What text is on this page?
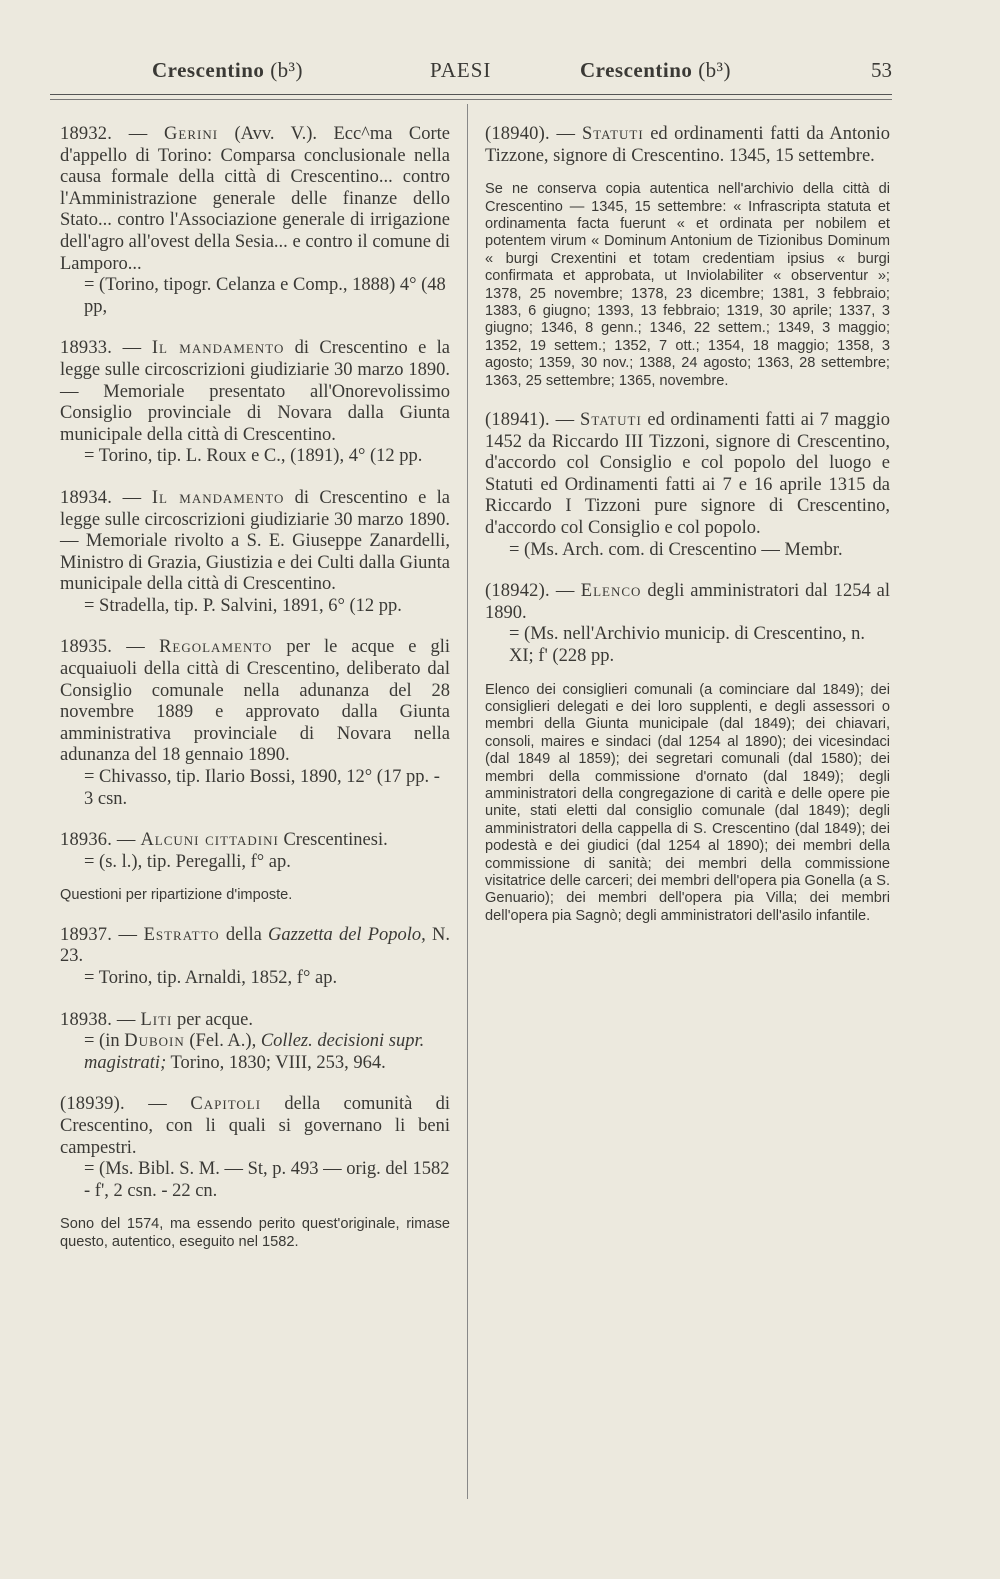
Crescentino (b³)	PAESI	Crescentino (b³)	53

18932. — Gerini (Avv. V.). Ecc^ma Corte d'appello di Torino: Comparsa conclusionale nella causa formale della città di Crescentino... contro l'Amministrazione generale delle finanze dello Stato... contro l'Associazione generale di irrigazione dell'agro all'ovest della Sesia... e contro il comune di Lamporo...

= (Torino, tipogr. Celanza e Comp., 1888) 4° (48 pp,

18933. — Il mandamento di Crescentino e la legge sulle circoscrizioni giudiziarie 30 marzo 1890. — Memoriale presentato all'Onorevolissimo Consiglio provinciale di Novara dalla Giunta municipale della città di Crescentino.

= Torino, tip. L. Roux e C., (1891), 4° (12 pp.

18934. — Il mandamento di Crescentino e la legge sulle circoscrizioni giudiziarie 30 marzo 1890. — Memoriale rivolto a S. E. Giuseppe Zanardelli, Ministro di Grazia, Giustizia e dei Culti dalla Giunta municipale della città di Crescentino.

= Stradella, tip. P. Salvini, 1891, 6° (12 pp.

18935. — Regolamento per le acque e gli acquaiuoli della città di Crescentino, deliberato dal Consiglio comunale nella adunanza del 28 novembre 1889 e approvato dalla Giunta amministrativa provinciale di Novara nella adunanza del 18 gennaio 1890.

= Chivasso, tip. Ilario Bossi, 1890, 12° (17 pp. - 3 csn.

18936. — Alcuni cittadini Crescentinesi.

= (s. l.), tip. Peregalli, f° ap.

Questioni per ripartizione d'imposte.

18937. — Estratto della Gazzetta del Popolo, N. 23.

= Torino, tip. Arnaldi, 1852, f° ap.

18938. — Liti per acque.

= (in Duboin (Fel. A.), Collez. decisioni supr. magistrati; Torino, 1830; VIII, 253, 964.

(18939). — Capitoli della comunità di Crescentino, con li quali si governano li beni campestri.

= (Ms. Bibl. S. M. — St, p. 493 — orig. del 1582 - f', 2 csn. - 22 cn.

Sono del 1574, ma essendo perito quest'originale, rimase questo, autentico, eseguito nel 1582.

(18940). — Statuti ed ordinamenti fatti da Antonio Tizzone, signore di Crescentino. 1345, 15 settembre.

Se ne conserva copia autentica nell'archivio della città di Crescentino — 1345, 15 settembre: « Infrascripta statuta et ordinamenta facta fuerunt « et ordinata per nobilem et potentem virum « Dominum Antonium de Tizionibus Dominum « burgi Crexentini et totam credentiam ipsius « burgi confirmata et approbata, ut Inviolabiliter « observentur »; 1378, 25 novembre; 1378, 23 dicembre; 1381, 3 febbraio; 1383, 6 giugno; 1393, 13 febbraio; 1319, 30 aprile; 1337, 3 giugno; 1346, 8 genn.; 1346, 22 settem.; 1349, 3 maggio; 1352, 19 settem.; 1352, 7 ott.; 1354, 18 maggio; 1358, 3 agosto; 1359, 30 nov.; 1388, 24 agosto; 1363, 28 settembre; 1363, 25 settembre; 1365, novembre.

(18941). — Statuti ed ordinamenti fatti ai 7 maggio 1452 da Riccardo III Tizzoni, signore di Crescentino, d'accordo col Consiglio e col popolo del luogo e Statuti ed Ordinamenti fatti ai 7 e 16 aprile 1315 da Riccardo I Tizzoni pure signore di Crescentino, d'accordo col Consiglio e col popolo.

= (Ms. Arch. com. di Crescentino — Membr.

(18942). — Elenco degli amministratori dal 1254 al 1890.

= (Ms. nell'Archivio municip. di Crescentino, n. XI; f' (228 pp.

Elenco dei consiglieri comunali (a cominciare dal 1849); dei consiglieri delegati e dei loro supplenti, e degli assessori o membri della Giunta municipale (dal 1849); dei chiavari, consoli, maires e sindaci (dal 1254 al 1890); dei vicesindaci (dal 1849 al 1859); dei segretari comunali (dal 1580); dei membri della commissione d'ornato (dal 1849); degli amministratori della congregazione di carità e delle opere pie unite, stati eletti dal consiglio comunale (dal 1849); degli amministratori della cappella di S. Crescentino (dal 1849); dei podestà e dei giudici (dal 1254 al 1890); dei membri della commissione di sanità; dei membri della commissione visitatrice delle carceri; dei membri dell'opera pia Gonella (a S. Genuario); dei membri dell'opera pia Villa; dei membri dell'opera pia Sagnò; degli amministratori dell'asilo infantile.
